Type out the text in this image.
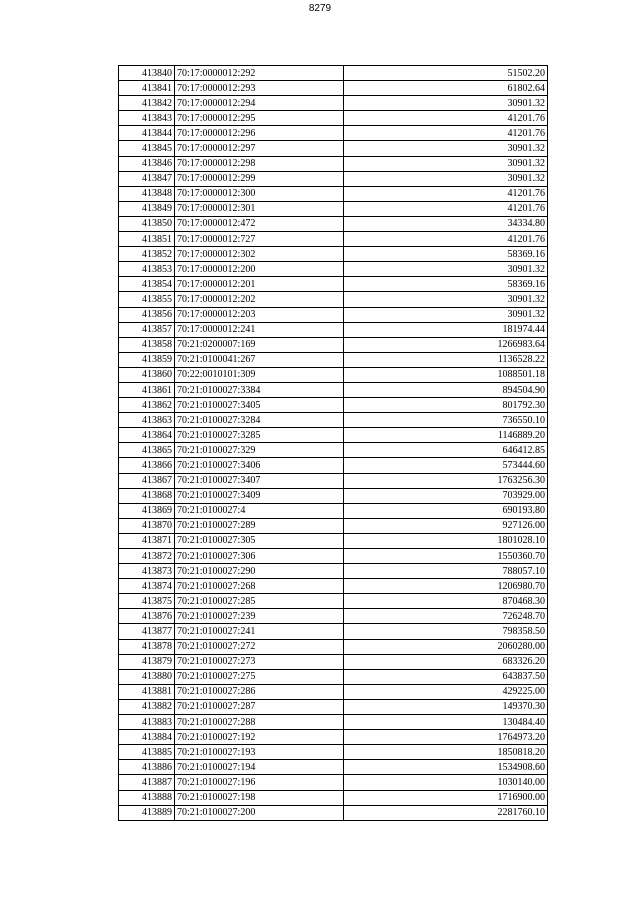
8279
413840	70:17:0000012:292	51502.20
413841	70:17:0000012:293	61802.64
413842	70:17:0000012:294	30901.32
413843	70:17:0000012:295	41201.76
413844	70:17:0000012:296	41201.76
413845	70:17:0000012:297	30901.32
413846	70:17:0000012:298	30901.32
413847	70:17:0000012:299	30901.32
413848	70:17:0000012:300	41201.76
413849	70:17:0000012:301	41201.76
413850	70:17:0000012:472	34334.80
413851	70:17:0000012:727	41201.76
413852	70:17:0000012:302	58369.16
413853	70:17:0000012:200	30901.32
413854	70:17:0000012:201	58369.16
413855	70:17:0000012:202	30901.32
413856	70:17:0000012:203	30901.32
413857	70:17:0000012:241	181974.44
413858	70:21:0200007:169	1266983.64
413859	70:21:0100041:267	1136528.22
413860	70:22:0010101:309	1088501.18
413861	70:21:0100027:3384	894504.90
413862	70:21:0100027:3405	801792.30
413863	70:21:0100027:3284	736550.10
413864	70:21:0100027:3285	1146889.20
413865	70:21:0100027:329	646412.85
413866	70:21:0100027:3406	573444.60
413867	70:21:0100027:3407	1763256.30
413868	70:21:0100027:3409	703929.00
413869	70:21:0100027:4	690193.80
413870	70:21:0100027:289	927126.00
413871	70:21:0100027:305	1801028.10
413872	70:21:0100027:306	1550360.70
413873	70:21:0100027:290	788057.10
413874	70:21:0100027:268	1206980.70
413875	70:21:0100027:285	870468.30
413876	70:21:0100027:239	726248.70
413877	70:21:0100027:241	798358.50
413878	70:21:0100027:272	2060280.00
413879	70:21:0100027:273	683326.20
413880	70:21:0100027:275	643837.50
413881	70:21:0100027:286	429225.00
413882	70:21:0100027:287	149370.30
413883	70:21:0100027:288	130484.40
413884	70:21:0100027:192	1764973.20
413885	70:21:0100027:193	1850818.20
413886	70:21:0100027:194	1534908.60
413887	70:21:0100027:196	1030140.00
413888	70:21:0100027:198	1716900.00
413889	70:21:0100027:200	2281760.10
